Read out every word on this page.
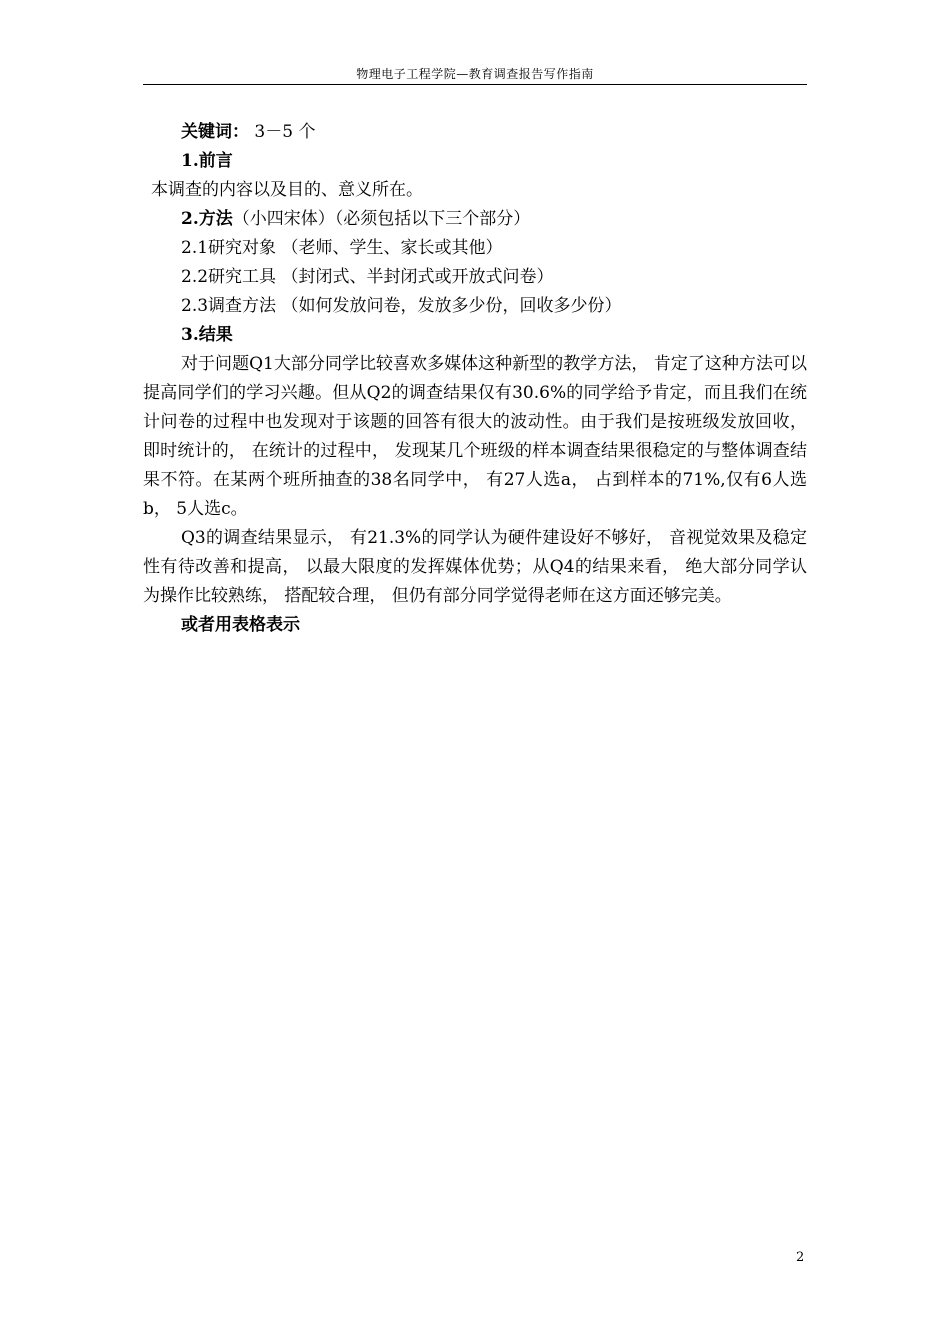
物理电子工程学院—教育调查报告写作指南

关键词： 3－5 个

1.前言

本调查的内容以及目的、意义所在。

2.方法（小四宋体）（必须包括以下三个部分）

2.1研究对象 （老师、学生、家长或其他）

2.2研究工具 （封闭式、半封闭式或开放式问卷）

2.3调查方法 （如何发放问卷，发放多少份，回收多少份）

3.结果

对于问题Q1大部分同学比较喜欢多媒体这种新型的教学方法， 肯定了这种方法可以提高同学们的学习兴趣。但从Q2的调查结果仅有30.6%的同学给予肯定，而且我们在统计问卷的过程中也发现对于该题的回答有很大的波动性。由于我们是按班级发放回收， 即时统计的， 在统计的过程中， 发现某几个班级的样本调查结果很稳定的与整体调查结果不符。在某两个班所抽查的38名同学中， 有27人选a， 占到样本的71%,仅有6人选b， 5人选c。

Q3的调查结果显示， 有21.3%的同学认为硬件建设好不够好， 音视觉效果及稳定性有待改善和提高， 以最大限度的发挥媒体优势；从Q4的结果来看， 绝大部分同学认为操作比较熟练， 搭配较合理， 但仍有部分同学觉得老师在这方面还够完美。

或者用表格表示

2
